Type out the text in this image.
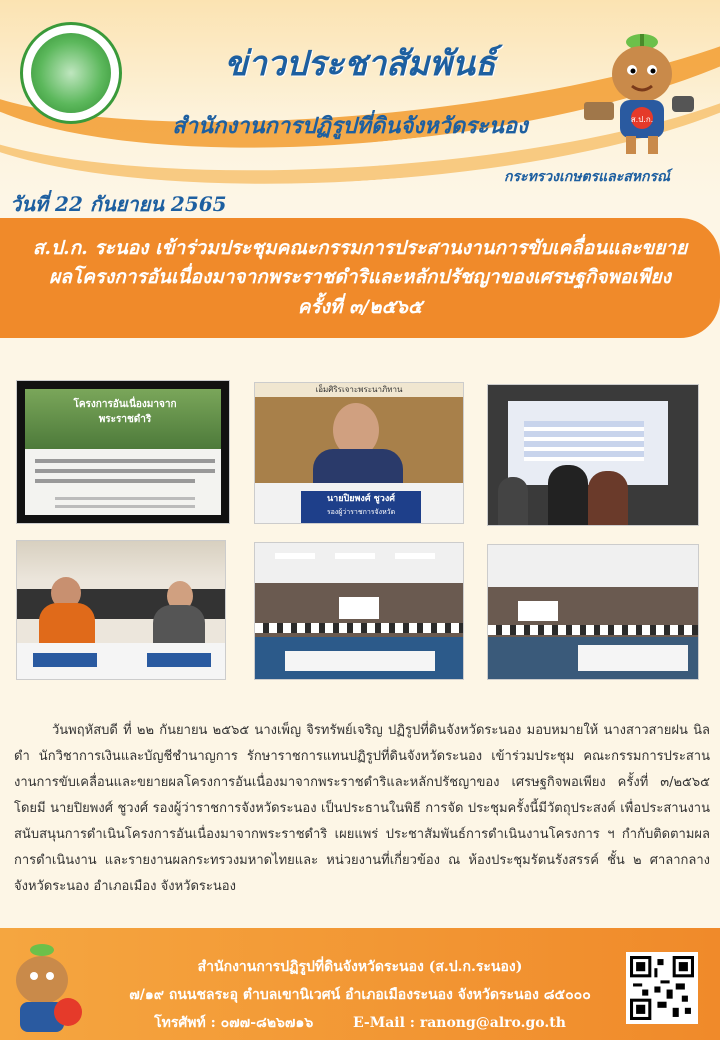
ข่าวประชาสัมพันธ์
สำนักงานการปฏิรูปที่ดินจังหวัดระนอง
กระทรวงเกษตรและสหกรณ์
ส.ป.ก.
วันที่ 22 กันยายน 2565
ส.ป.ก. ระนอง เข้าร่วมประชุมคณะกรรมการประสานงานการขับเคลื่อนและขยาย
ผลโครงการอันเนื่องมาจากพระราชดำริและหลักปรัชญาของเศรษฐกิจพอเพียง
ครั้งที่ ๓/๒๕๖๕
โครงการอันเนื่องมาจาก พระราชดำริ
เอ็มศิริรเจาะพระนาภิทาน
นายปิยพงศ์ ชูวงศ์
รองผู้ว่าราชการจังหวัด
วันพฤหัสบดี ที่ ๒๒ กันยายน ๒๕๖๕ นางเพ็ญ จิรทรัพย์เจริญ ปฏิรูปที่ดินจังหวัดระนอง มอบหมายให้ นางสาวสายฝน นิลดำ นักวิชาการเงินและบัญชีชำนาญการ รักษาราชการแทนปฏิรูปที่ดินจังหวัดระนอง เข้าร่วมประชุม คณะกรรมการประสานงานการขับเคลื่อนและขยายผลโครงการอันเนื่องมาจากพระราชดำริและหลักปรัชญาของ เศรษฐกิจพอเพียง ครั้งที่ ๓/๒๕๖๕ โดยมี นายปิยพงศ์ ชูวงศ์ รองผู้ว่าราชการจังหวัดระนอง เป็นประธานในพิธี การจัด ประชุมครั้งนี้มีวัตถุประสงค์ เพื่อประสานงาน สนับสนุนการดำเนินโครงการอันเนื่องมาจากพระราชดำริ เผยแพร่ ประชาสัมพันธ์การดำเนินงานโครงการ ฯ กำกับติดตามผลการดำเนินงาน และรายงานผลกระทรวงมหาดไทยและ หน่วยงานที่เกี่ยวข้อง ณ ห้องประชุมรัตนรังสรรค์ ชั้น ๒ ศาลากลางจังหวัดระนอง อำเภอเมือง จังหวัดระนอง
สำนักงานการปฏิรูปที่ดินจังหวัดระนอง (ส.ป.ก.ระนอง)
๗/๑๙ ถนนชลระอุ ตำบลเขานิเวศน์ อำเภอเมืองระนอง จังหวัดระนอง ๘๕๐๐๐
โทรศัพท์ : ๐๗๗-๘๒๖๗๑๖	E-Mail : ranong@alro.go.th
